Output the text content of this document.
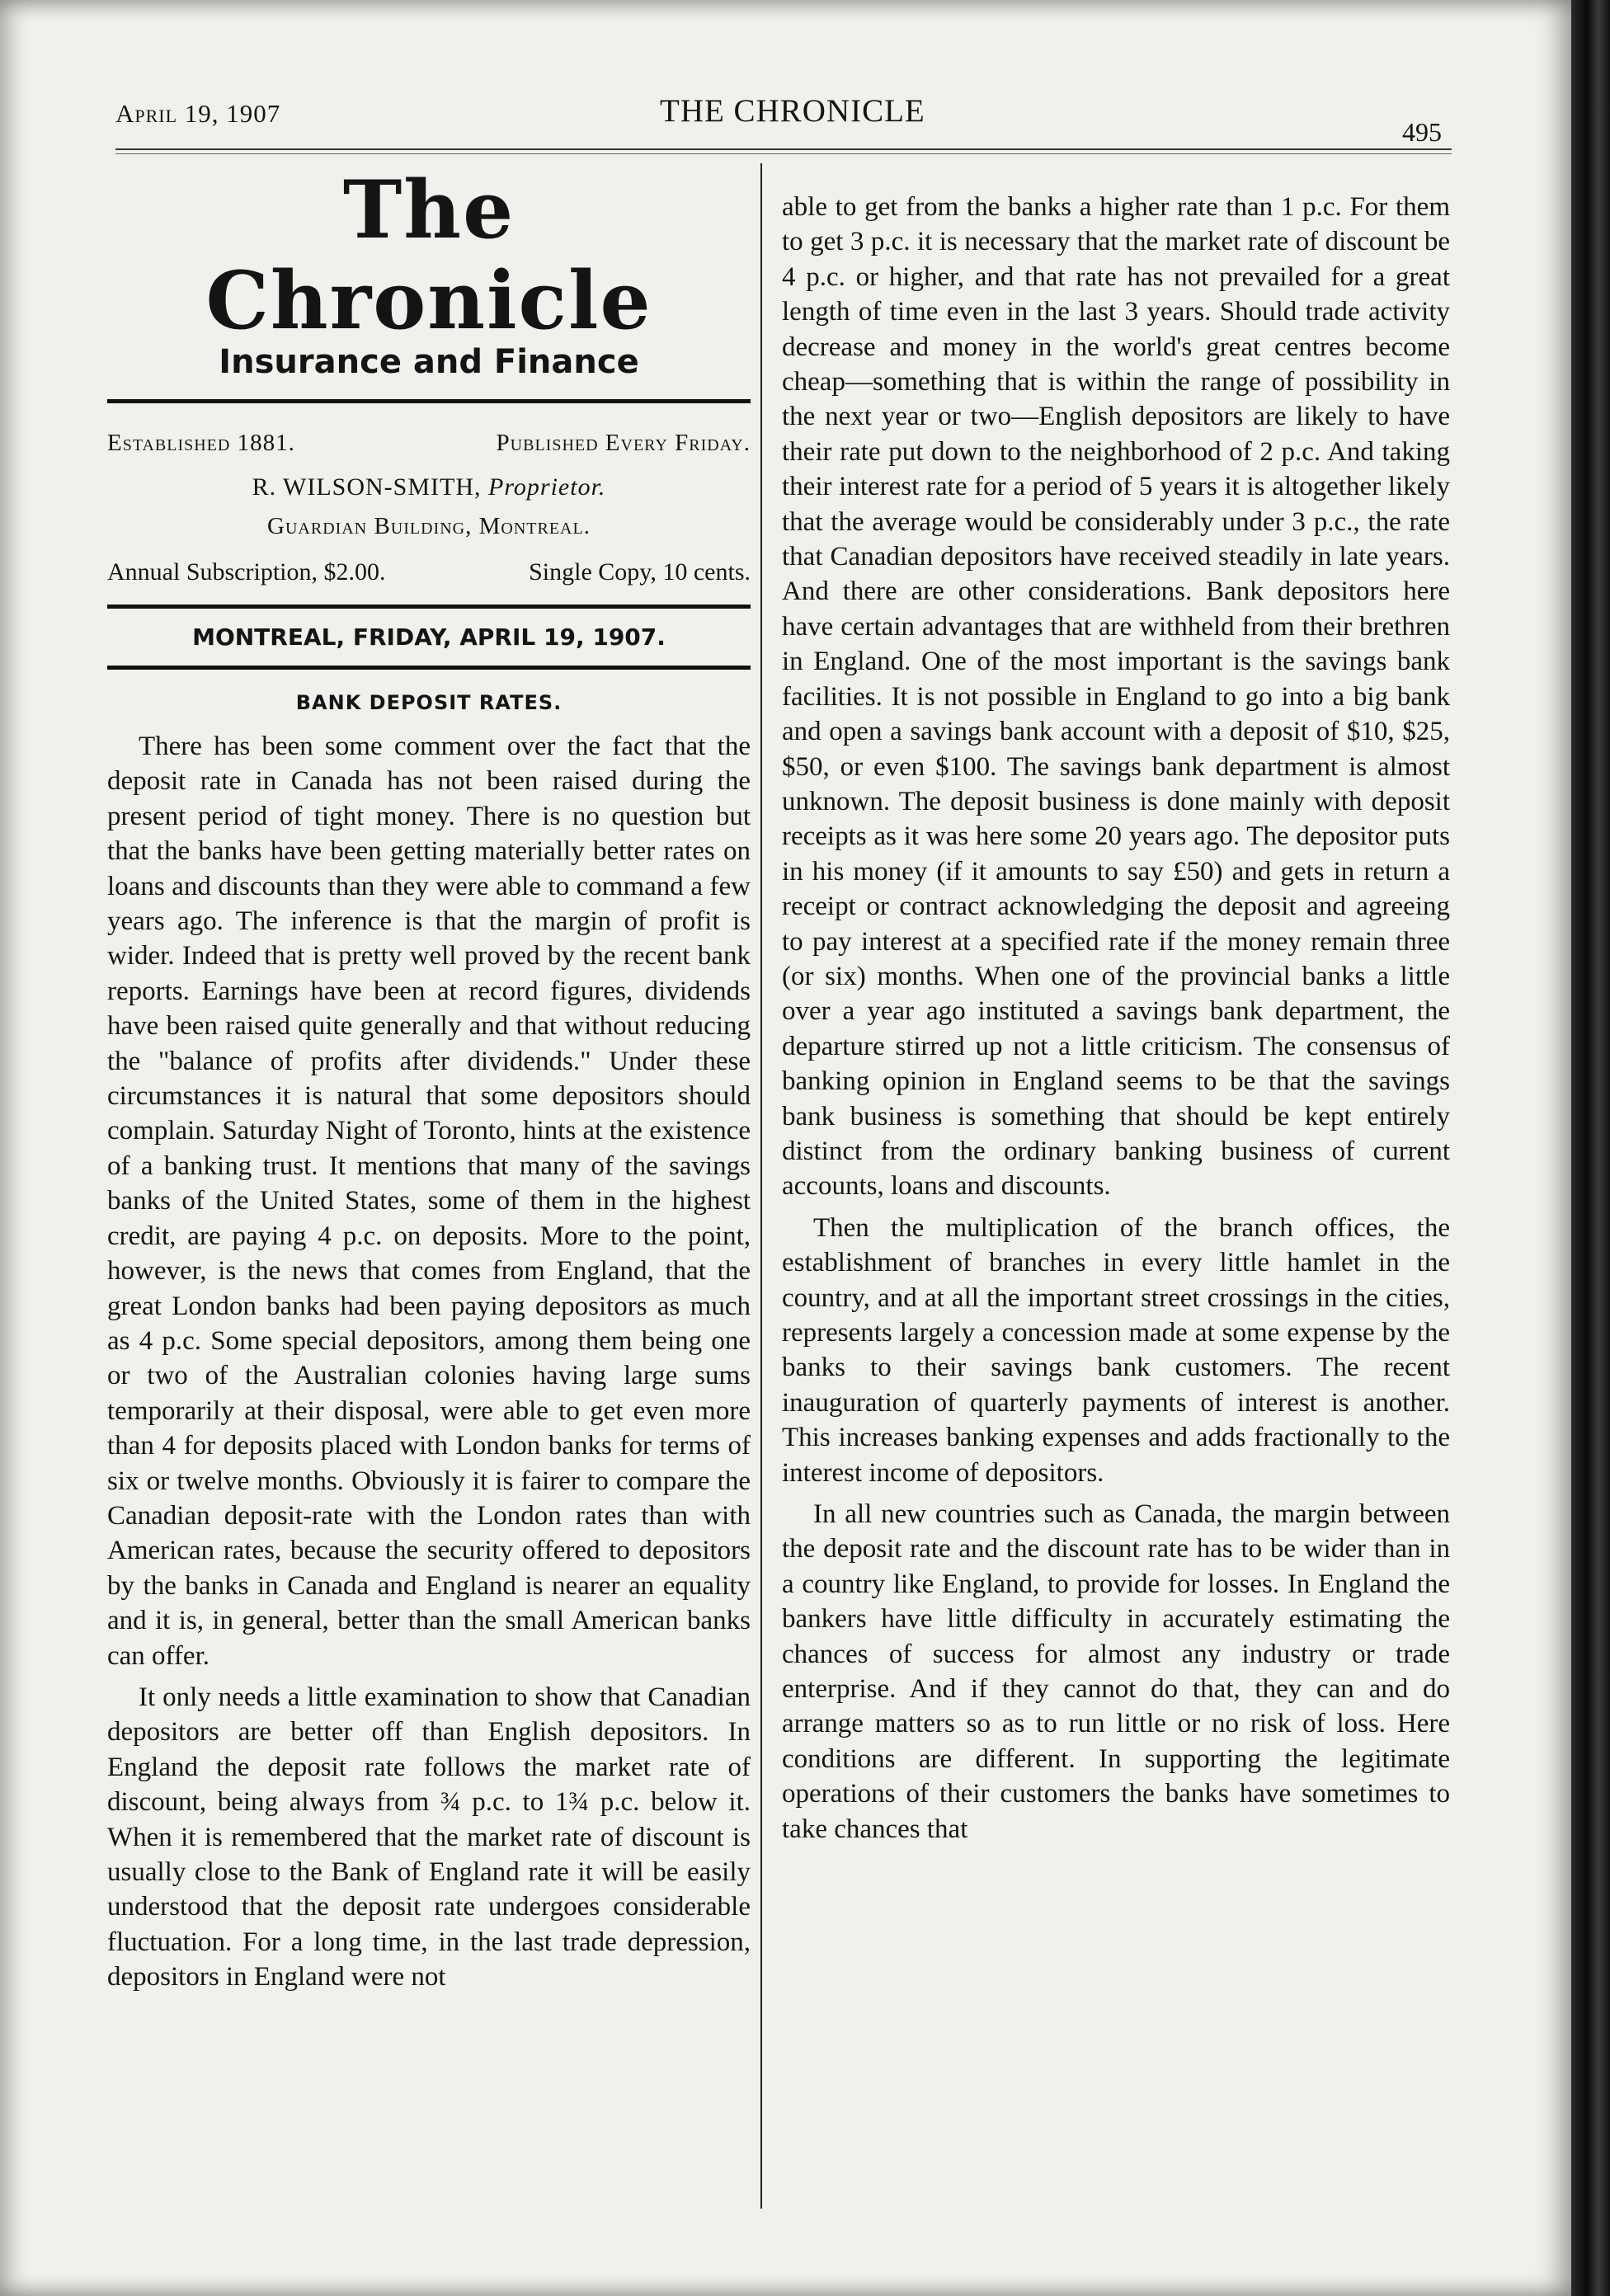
April 19, 1907	THE CHRONICLE
495
The Chronicle
Insurance and Finance
Established 1881.	Published Every Friday.
R. WILSON-SMITH, Proprietor.
Guardian Building, Montreal.
Annual Subscription, $2.00.	Single Copy, 10 cents.
MONTREAL, FRIDAY, APRIL 19, 1907.
BANK DEPOSIT RATES.

There has been some comment over the fact that the deposit rate in Canada has not been raised during the present period of tight money. There is no question but that the banks have been getting materially better rates on loans and discounts than they were able to command a few years ago. The inference is that the margin of profit is wider. Indeed that is pretty well proved by the recent bank reports. Earnings have been at record figures, dividends have been raised quite generally and that without reducing the "balance of profits after dividends." Under these circumstances it is natural that some depositors should complain. Saturday Night of Toronto, hints at the existence of a banking trust. It mentions that many of the savings banks of the United States, some of them in the highest credit, are paying 4 p.c. on deposits. More to the point, however, is the news that comes from England, that the great London banks had been paying depositors as much as 4 p.c. Some special depositors, among them being one or two of the Australian colonies having large sums temporarily at their disposal, were able to get even more than 4 for deposits placed with London banks for terms of six or twelve months. Obviously it is fairer to compare the Canadian deposit-rate with the London rates than with American rates, because the security offered to depositors by the banks in Canada and England is nearer an equality and it is, in general, better than the small American banks can offer.

It only needs a little examination to show that Canadian depositors are better off than English depositors. In England the deposit rate follows the market rate of discount, being always from ¾ p.c. to 1¾ p.c. below it. When it is remembered that the market rate of discount is usually close to the Bank of England rate it will be easily understood that the deposit rate undergoes considerable fluctuation. For a long time, in the last trade depression, depositors in England were not

able to get from the banks a higher rate than 1 p.c. For them to get 3 p.c. it is necessary that the market rate of discount be 4 p.c. or higher, and that rate has not prevailed for a great length of time even in the last 3 years. Should trade activity decrease and money in the world's great centres become cheap—something that is within the range of possibility in the next year or two—English depositors are likely to have their rate put down to the neighborhood of 2 p.c. And taking their interest rate for a period of 5 years it is altogether likely that the average would be considerably under 3 p.c., the rate that Canadian depositors have received steadily in late years. And there are other considerations. Bank depositors here have certain advantages that are withheld from their brethren in England. One of the most important is the savings bank facilities. It is not possible in England to go into a big bank and open a savings bank account with a deposit of $10, $25, $50, or even $100. The savings bank department is almost unknown. The deposit business is done mainly with deposit receipts as it was here some 20 years ago. The depositor puts in his money (if it amounts to say £50) and gets in return a receipt or contract acknowledging the deposit and agreeing to pay interest at a specified rate if the money remain three (or six) months. When one of the provincial banks a little over a year ago instituted a savings bank department, the departure stirred up not a little criticism. The consensus of banking opinion in England seems to be that the savings bank business is something that should be kept entirely distinct from the ordinary banking business of current accounts, loans and discounts.

Then the multiplication of the branch offices, the establishment of branches in every little hamlet in the country, and at all the important street crossings in the cities, represents largely a concession made at some expense by the banks to their savings bank customers. The recent inauguration of quarterly payments of interest is another. This increases banking expenses and adds fractionally to the interest income of depositors.

In all new countries such as Canada, the margin between the deposit rate and the discount rate has to be wider than in a country like England, to provide for losses. In England the bankers have little difficulty in accurately estimating the chances of success for almost any industry or trade enterprise. And if they cannot do that, they can and do arrange matters so as to run little or no risk of loss. Here conditions are different. In supporting the legitimate operations of their customers the banks have sometimes to take chances that
